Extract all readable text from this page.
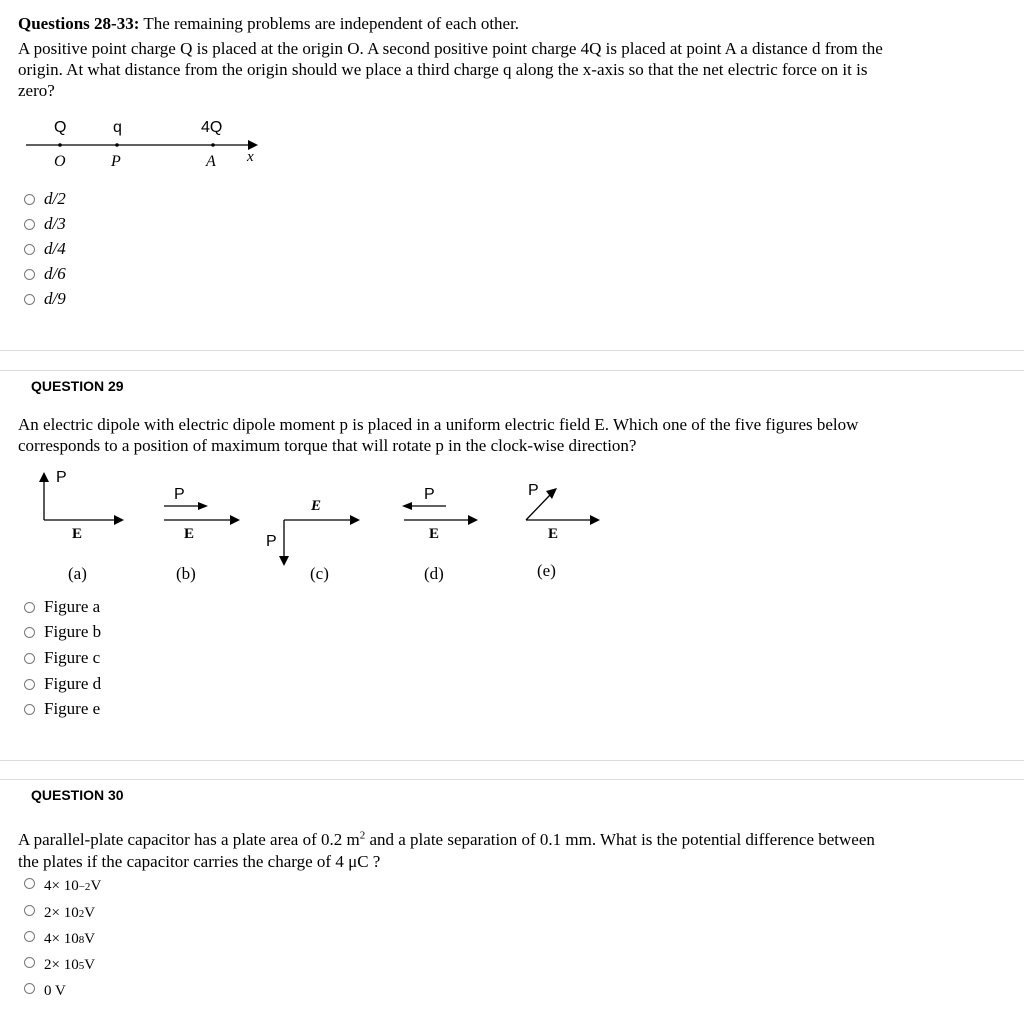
Questions 28-33: The remaining problems are independent of each other.
A positive point charge Q is placed at the origin O. A second positive point charge 4Q is placed at point A a distance d from the
origin. At what distance from the origin should we place a third charge q along the x-axis so that the net electric force on it is
zero?
Q	q	4Q
O	P	A x
d/2
d/3
d/4
d/6
d/9
QUESTION 29
An electric dipole with electric dipole moment p is placed in a uniform electric field E. Which one of the five figures below
corresponds to a position of maximum torque that will rotate p in the clock-wise direction?
P
E
(a)
P
E
(b)
E
P
(c)
P
E
(d)
P
E
(e)
Figure a
Figure b
Figure c
Figure d
Figure e
QUESTION 30
A parallel-plate capacitor has a plate area of 0.2 $m^2$ and a plate separation of 0.1 mm. What is the potential difference between
the plates if the capacitor carries the charge of 4 μC ?
4× 10 −2 V
2× 10 2 V
4× 10 8 V
2× 10 5 V
0 V
